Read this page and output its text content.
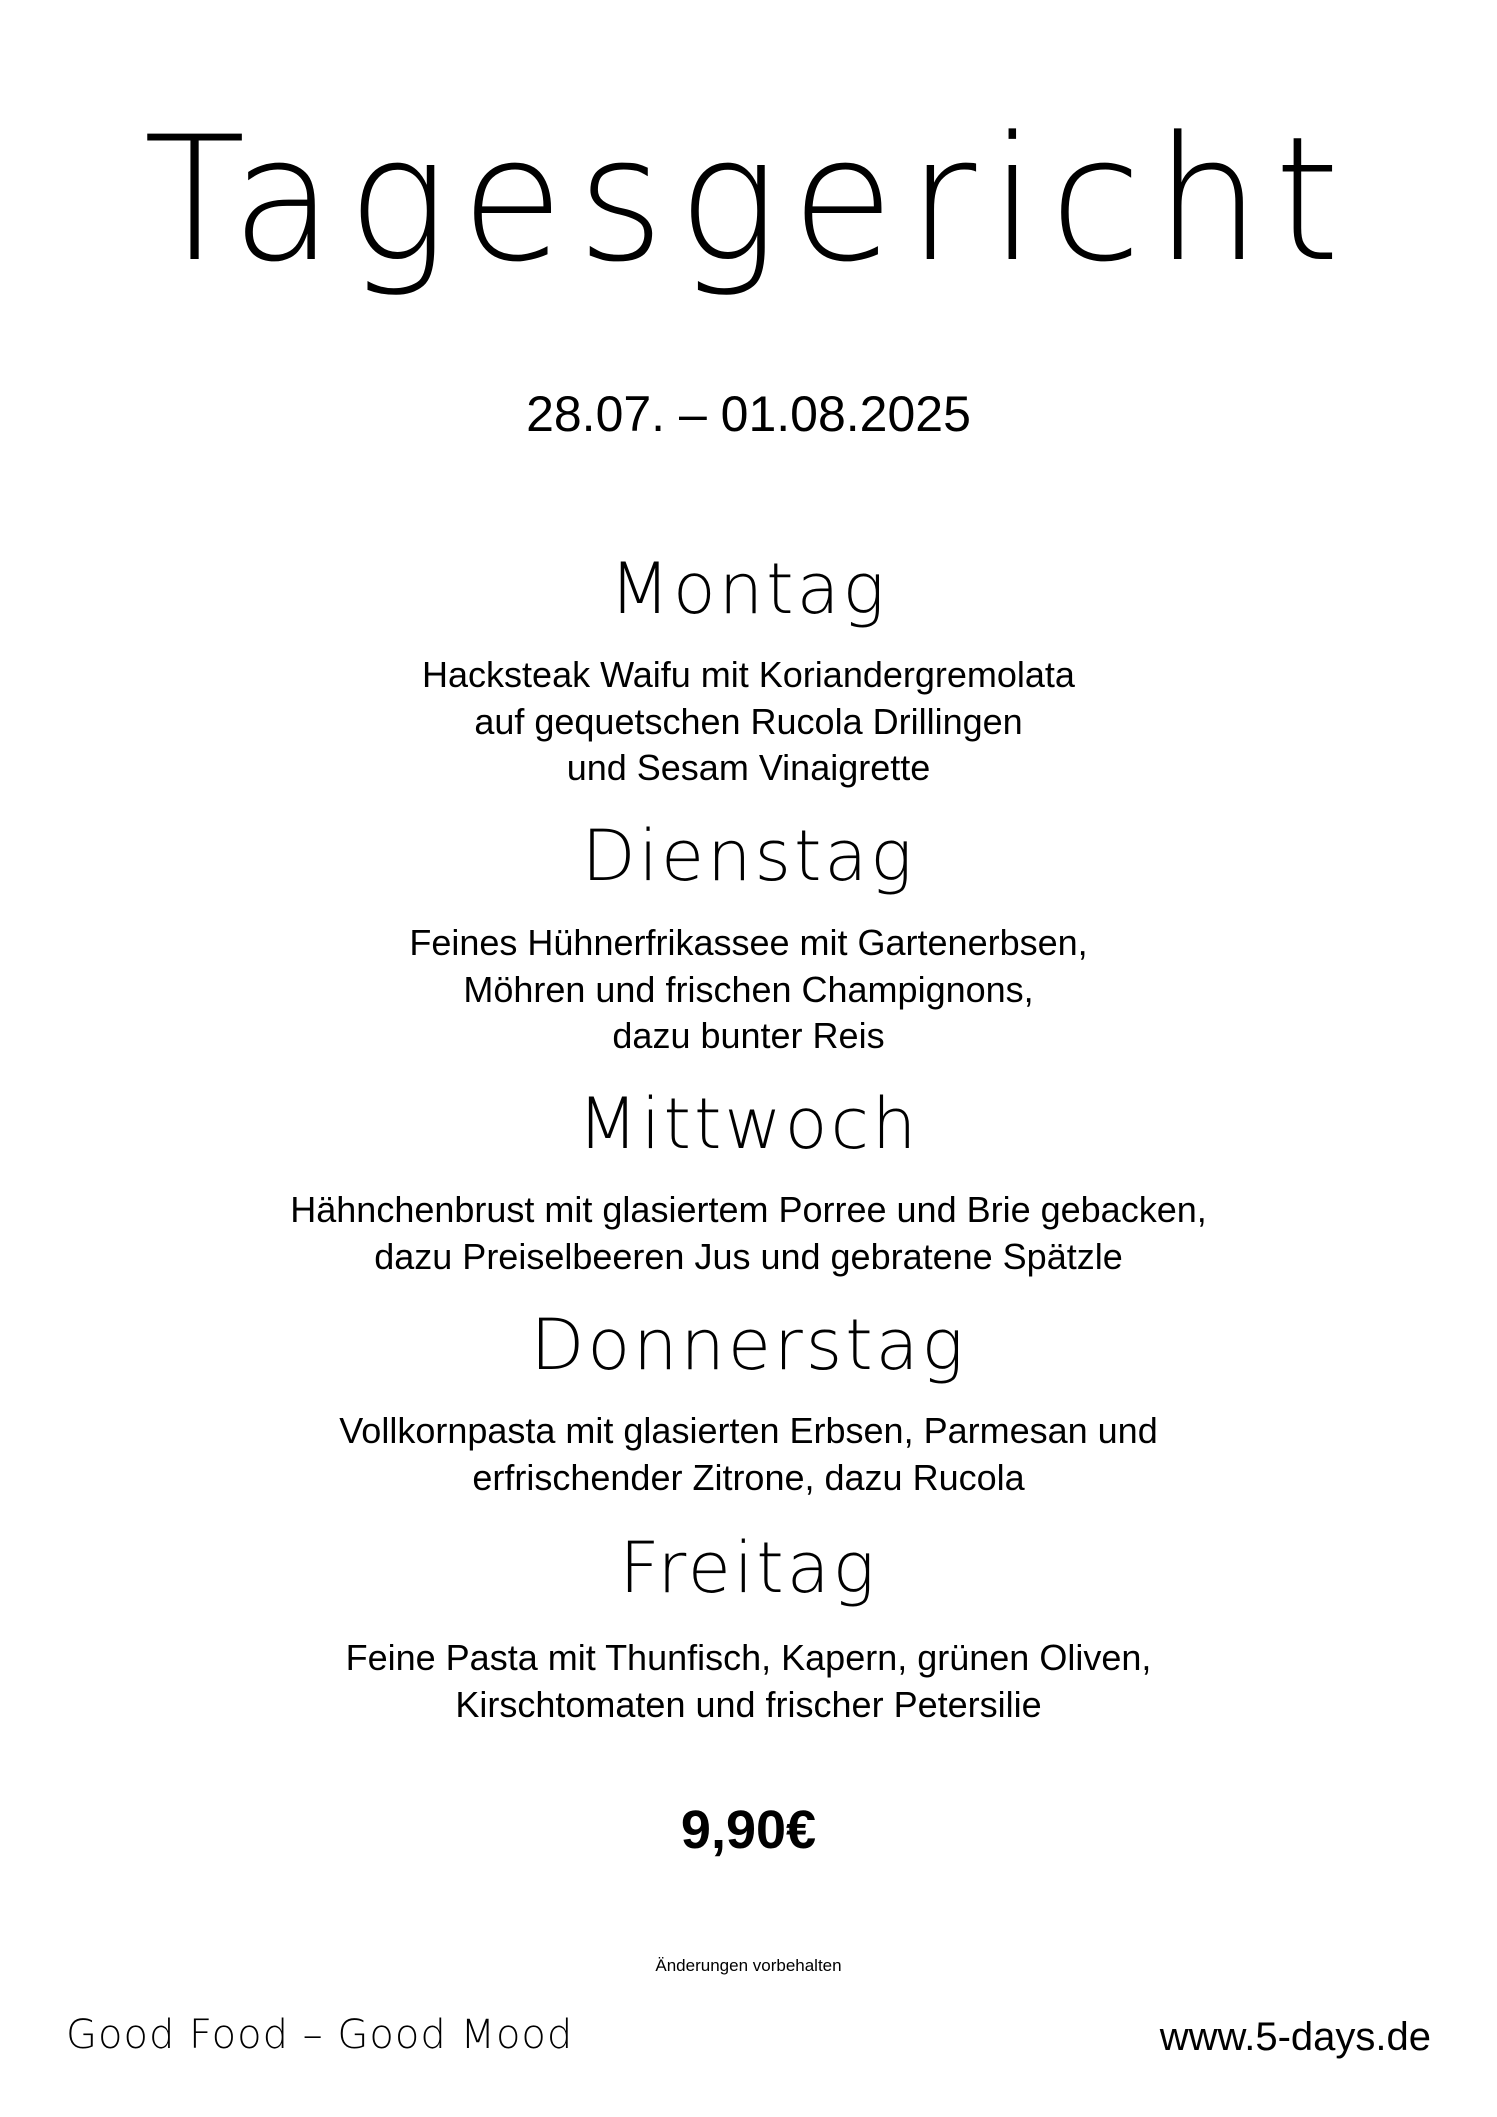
Tagesgericht
28.07. – 01.08.2025
Montag
Hacksteak Waifu mit Koriandergremolata
auf gequetschen Rucola Drillingen
und Sesam Vinaigrette
Dienstag
Feines Hühnerfrikassee mit Gartenerbsen,
Möhren und frischen Champignons,
dazu bunter Reis
Mittwoch
Hähnchenbrust mit glasiertem Porree und Brie gebacken,
dazu Preiselbeeren Jus und gebratene Spätzle
Donnerstag
Vollkornpasta mit glasierten Erbsen, Parmesan und
erfrischender Zitrone, dazu Rucola
Freitag
Feine Pasta mit Thunfisch, Kapern, grünen Oliven,
Kirschtomaten und frischer Petersilie
9,90€
Änderungen vorbehalten
Good Food – Good Mood	www.5-days.de
